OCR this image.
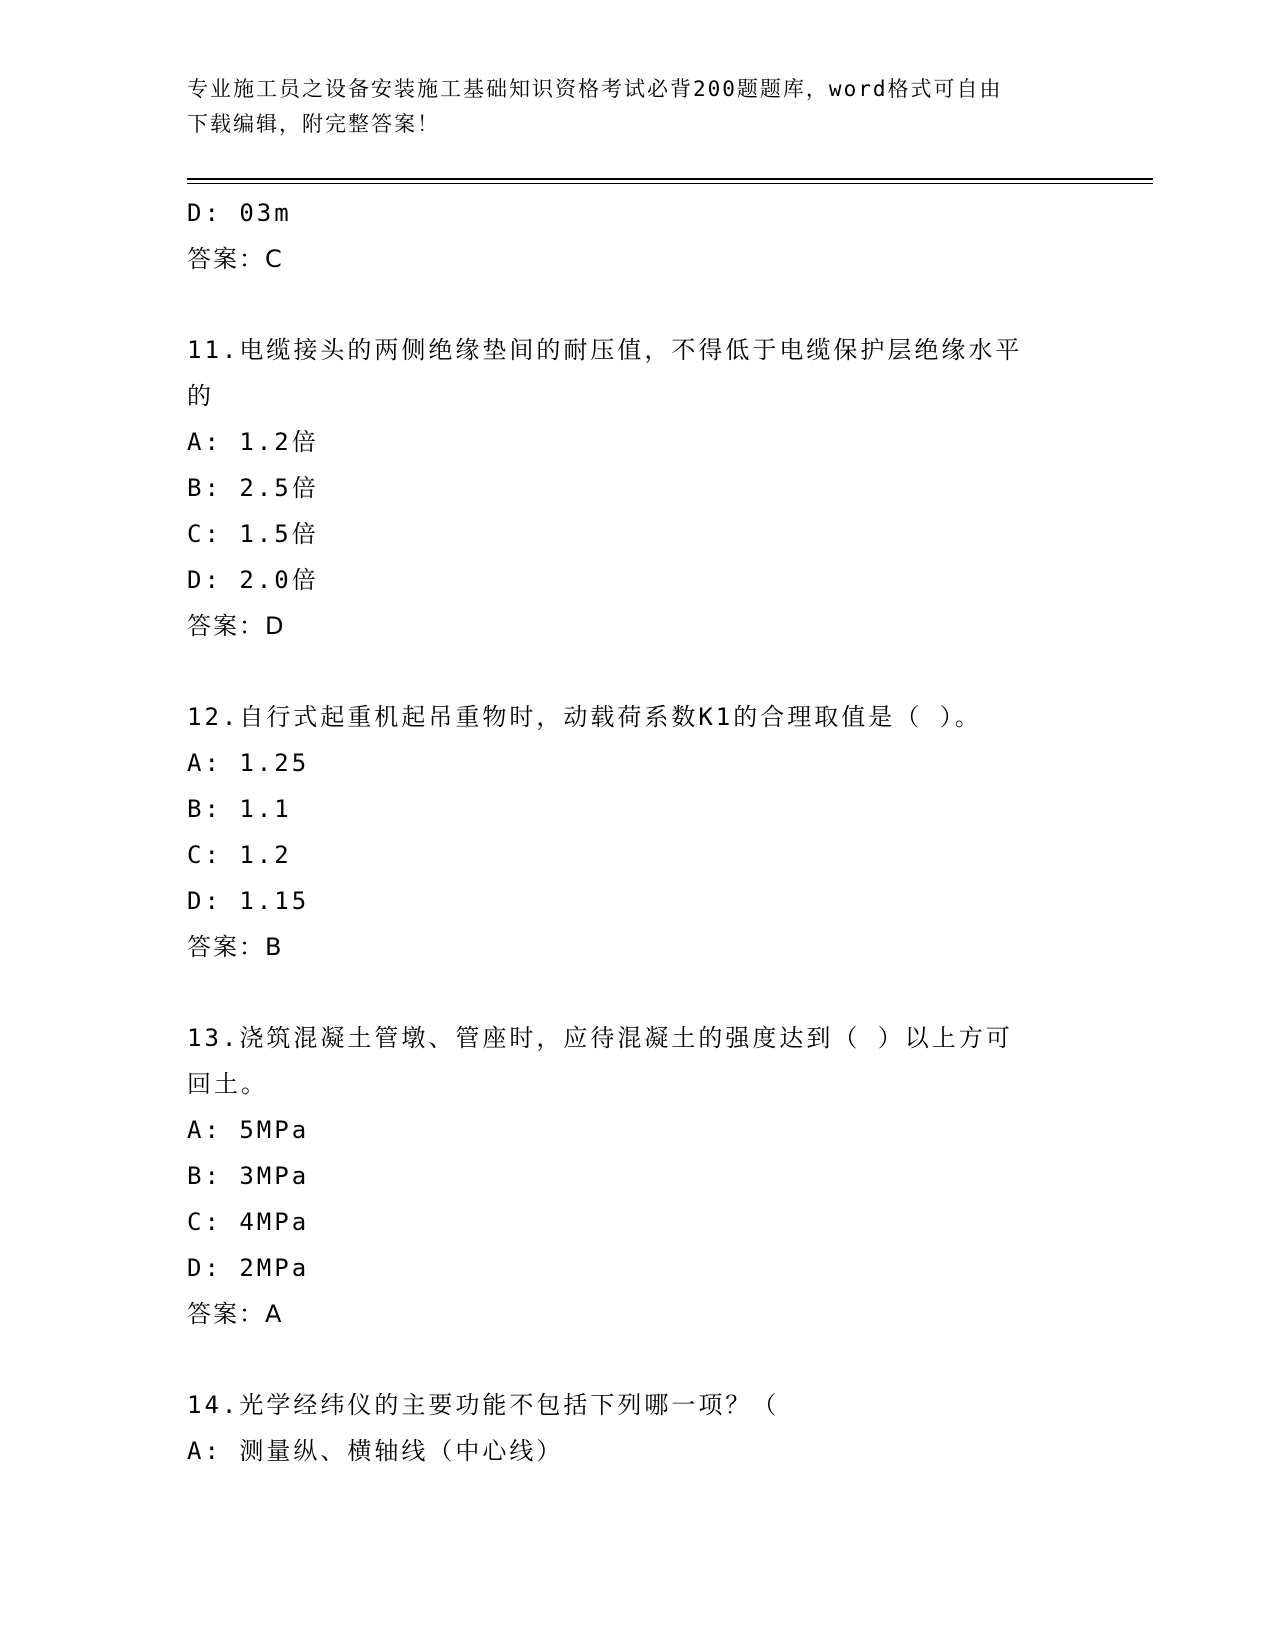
专业施工员之设备安装施工基础知识资格考试必背200题题库，word格式可自由
下载编辑，附完整答案！
D: 03m
答案：C
11.电缆接头的两侧绝缘垫间的耐压值，不得低于电缆保护层绝缘水平
的
A: 1.2倍
B: 2.5倍
C: 1.5倍
D: 2.0倍
答案：D
12.自行式起重机起吊重物时，动载荷系数K1的合理取值是（ ）。
A: 1.25
B: 1.1
C: 1.2
D: 1.15
答案：B
13.浇筑混凝土管墩、管座时，应待混凝土的强度达到（ ）以上方可
回土。
A: 5MPa
B: 3MPa
C: 4MPa
D: 2MPa
答案：A
14.光学经纬仪的主要功能不包括下列哪一项？（
A: 测量纵、横轴线（中心线）
